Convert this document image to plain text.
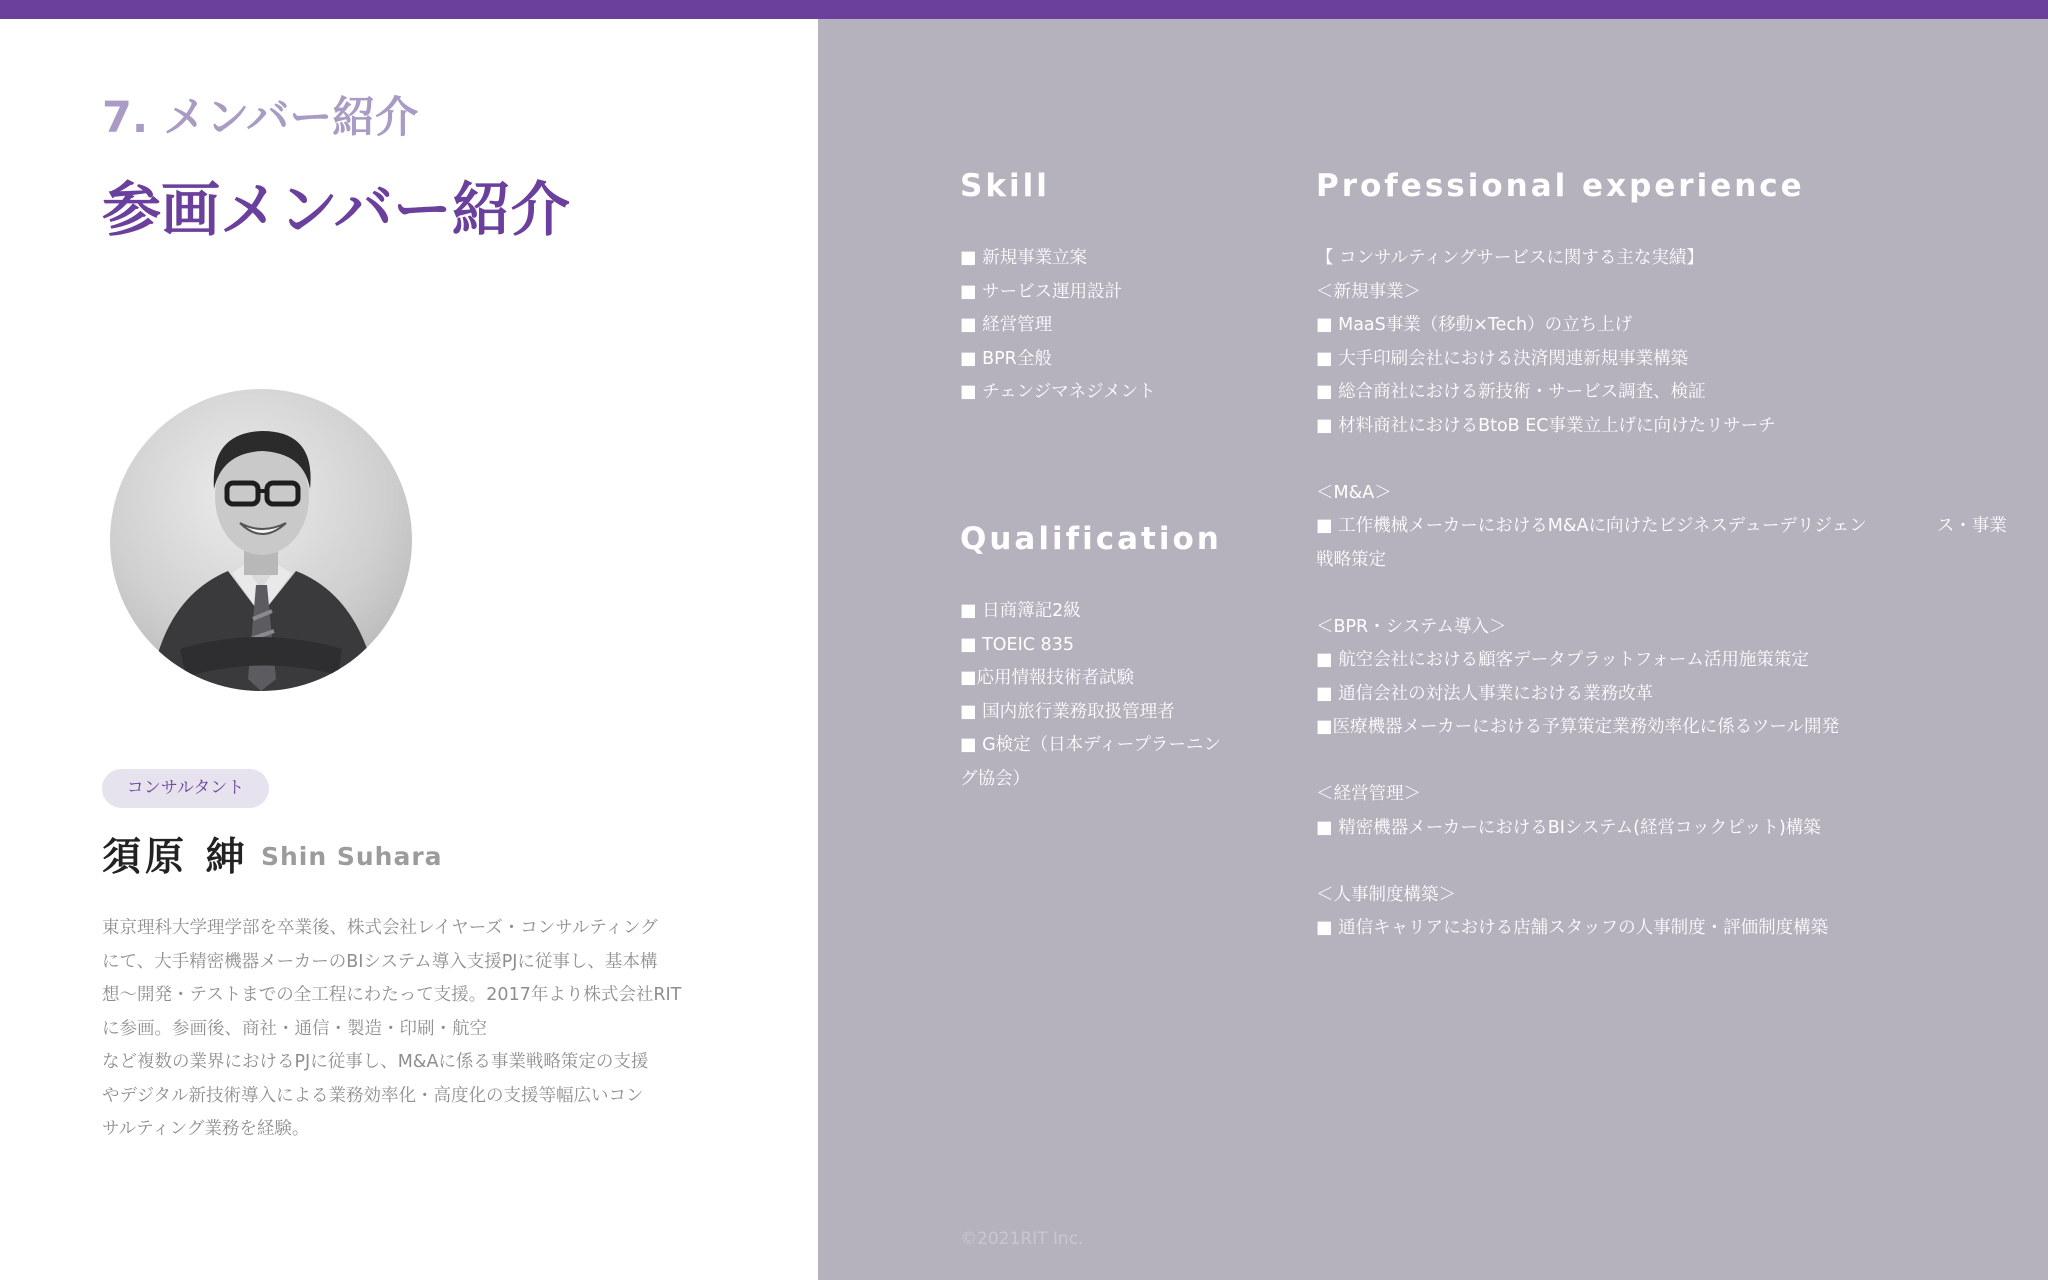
7. メンバー紹介
参画メンバー紹介
コンサルタント
須原 紳 Shin Suhara
東京理科大学理学部を卒業後、株式会社レイヤーズ・コンサルティング
にて、大手精密機器メーカーのBIシステム導入支援PJに従事し、基本構
想～開発・テストまでの全工程にわたって支援。2017年より株式会社RIT
に参画。参画後、商社・通信・製造・印刷・航空
など複数の業界におけるPJに従事し、M&Aに係る事業戦略策定の支援
やデジタル新技術導入による業務効率化・高度化の支援等幅広いコン
サルティング業務を経験。
Skill
■ 新規事業立案
■ サービス運用設計
■ 経営管理
■ BPR全般
■ チェンジマネジメント
Qualification
■ 日商簿記2級
■ TOEIC 835
■応用情報技術者試験
■ 国内旅行業務取扱管理者
■ G検定（日本ディープラーニン
グ協会）
Professional experience
【 コンサルティングサービスに関する主な実績】
＜新規事業＞
■ MaaS事業（移動×Tech）の立ち上げ
■ 大手印刷会社における決済関連新規事業構築
■ 総合商社における新技術・サービス調査、検証
■ 材料商社におけるBtoB EC事業立上げに向けたリサーチ
＜M&A＞
■ 工作機械メーカーにおけるM&Aに向けたビジネスデューデリジェン　　　　ス・事業
戦略策定
＜BPR・システム導入＞
■ 航空会社における顧客データプラットフォーム活用施策策定
■ 通信会社の対法人事業における業務改革
■医療機器メーカーにおける予算策定業務効率化に係るツール開発
＜経営管理＞
■ 精密機器メーカーにおけるBIシステム(経営コックピット)構築
＜人事制度構築＞
■ 通信キャリアにおける店舗スタッフの人事制度・評価制度構築
©2021RIT Inc.
